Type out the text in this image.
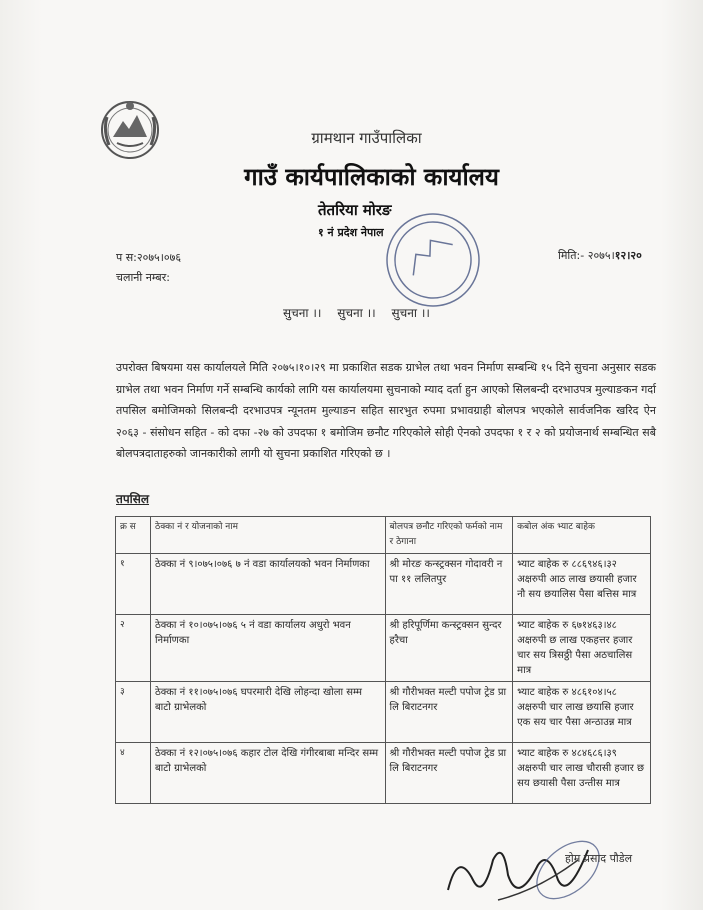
ग्रामथान गाउँपालिका
गाउँ कार्यपालिकाको कार्यालय
तेतरिया मोरङ
१ नं प्रदेश नेपाल
प स:२०७५।०७६
चलानी नम्बर:
मिति:- २०७५।१२।२०
सुचना ।। सुचना ।। सुचना ।।
उपरोक्त बिषयमा यस कार्यालयले मिति २०७५।१०।२९ मा प्रकाशित सडक ग्राभेल तथा भवन निर्माण सम्बन्धि १५ दिने सुचना अनुसार सडक ग्राभेल तथा भवन निर्माण गर्ने सम्बन्धि कार्यको लागि यस कार्यालयमा सुचनाको म्याद दर्ता हुन आएको सिलबन्दी दरभाउपत्र मुल्याङकन गर्दा तपसिल बमोजिमको सिलबन्दी दरभाउपत्र न्यूनतम मुल्याङन सहित सारभुत रुपमा प्रभावग्राही बोलपत्र भएकोले सार्वजनिक खरिद ऐन २०६३ - संसोधन सहित - को दफा -२७ को उपदफा १ बमोजिम छनौट गरिएकोले सोही ऐनको उपदफा १ र २ को प्रयोजनार्थ सम्बन्धित सबै बोलपत्रदाताहरुको जानकारीको लागी यो सुचना प्रकाशित गरिएको छ ।
तपसिल
क्र स	ठेक्का नं र योजनाको नाम	बोलपत्र छनौट गरिएको फर्मको नाम र ठेगाना	कबोल अंक भ्याट बाहेक
१	ठेक्का नं ९।०७५।०७६ ७ नं वडा कार्यालयको भवन निर्माणका	श्री मोरङ कन्स्ट्रक्सन गोदावरी न पा ११ ललितपुर	भ्याट बाहेक रु ८८६९४६।३२ अक्षरुपी आठ लाख छयासी हजार नौ सय छयालिस पैसा बत्तिस मात्र
२	ठेक्का नं १०।०७५।०७६ ५ नं वडा कार्यालय अधुरो भवन निर्माणका	श्री हरिपूर्णिमा कन्स्ट्रक्सन सुन्दर हरैचा	भ्याट बाहेक रु ६७१४६३।४८ अक्षरुपी छ लाख एकहत्तर हजार चार सय त्रिसठ्ठी पैसा अठचालिस मात्र
३	ठेक्का नं ११।०७५।०७६ घपरमारी देखि लोहन्दा खोला सम्म बाटो ग्राभेलको	श्री गौरीभक्त मल्टी पपोज ट्रेड प्रा लि बिराटनगर	भ्याट बाहेक रु ४८६१०४।५८ अक्षरुपी चार लाख छयासि हजार एक सय चार पैसा अन्ठाउन्न मात्र
४	ठेक्का नं १२।०७५।०७६ कहार टोल देखि गंगीरबाबा मन्दिर सम्म बाटो ग्राभेलको	श्री गौरीभक्त मल्टी पपोज ट्रेड प्रा लि बिराटनगर	भ्याट बाहेक रु ४८४६८६।३९ अक्षरुपी चार लाख चौरासी हजार छ सय छयासी पैसा उन्तीस मात्र
होम प्रसाद पौडेल
